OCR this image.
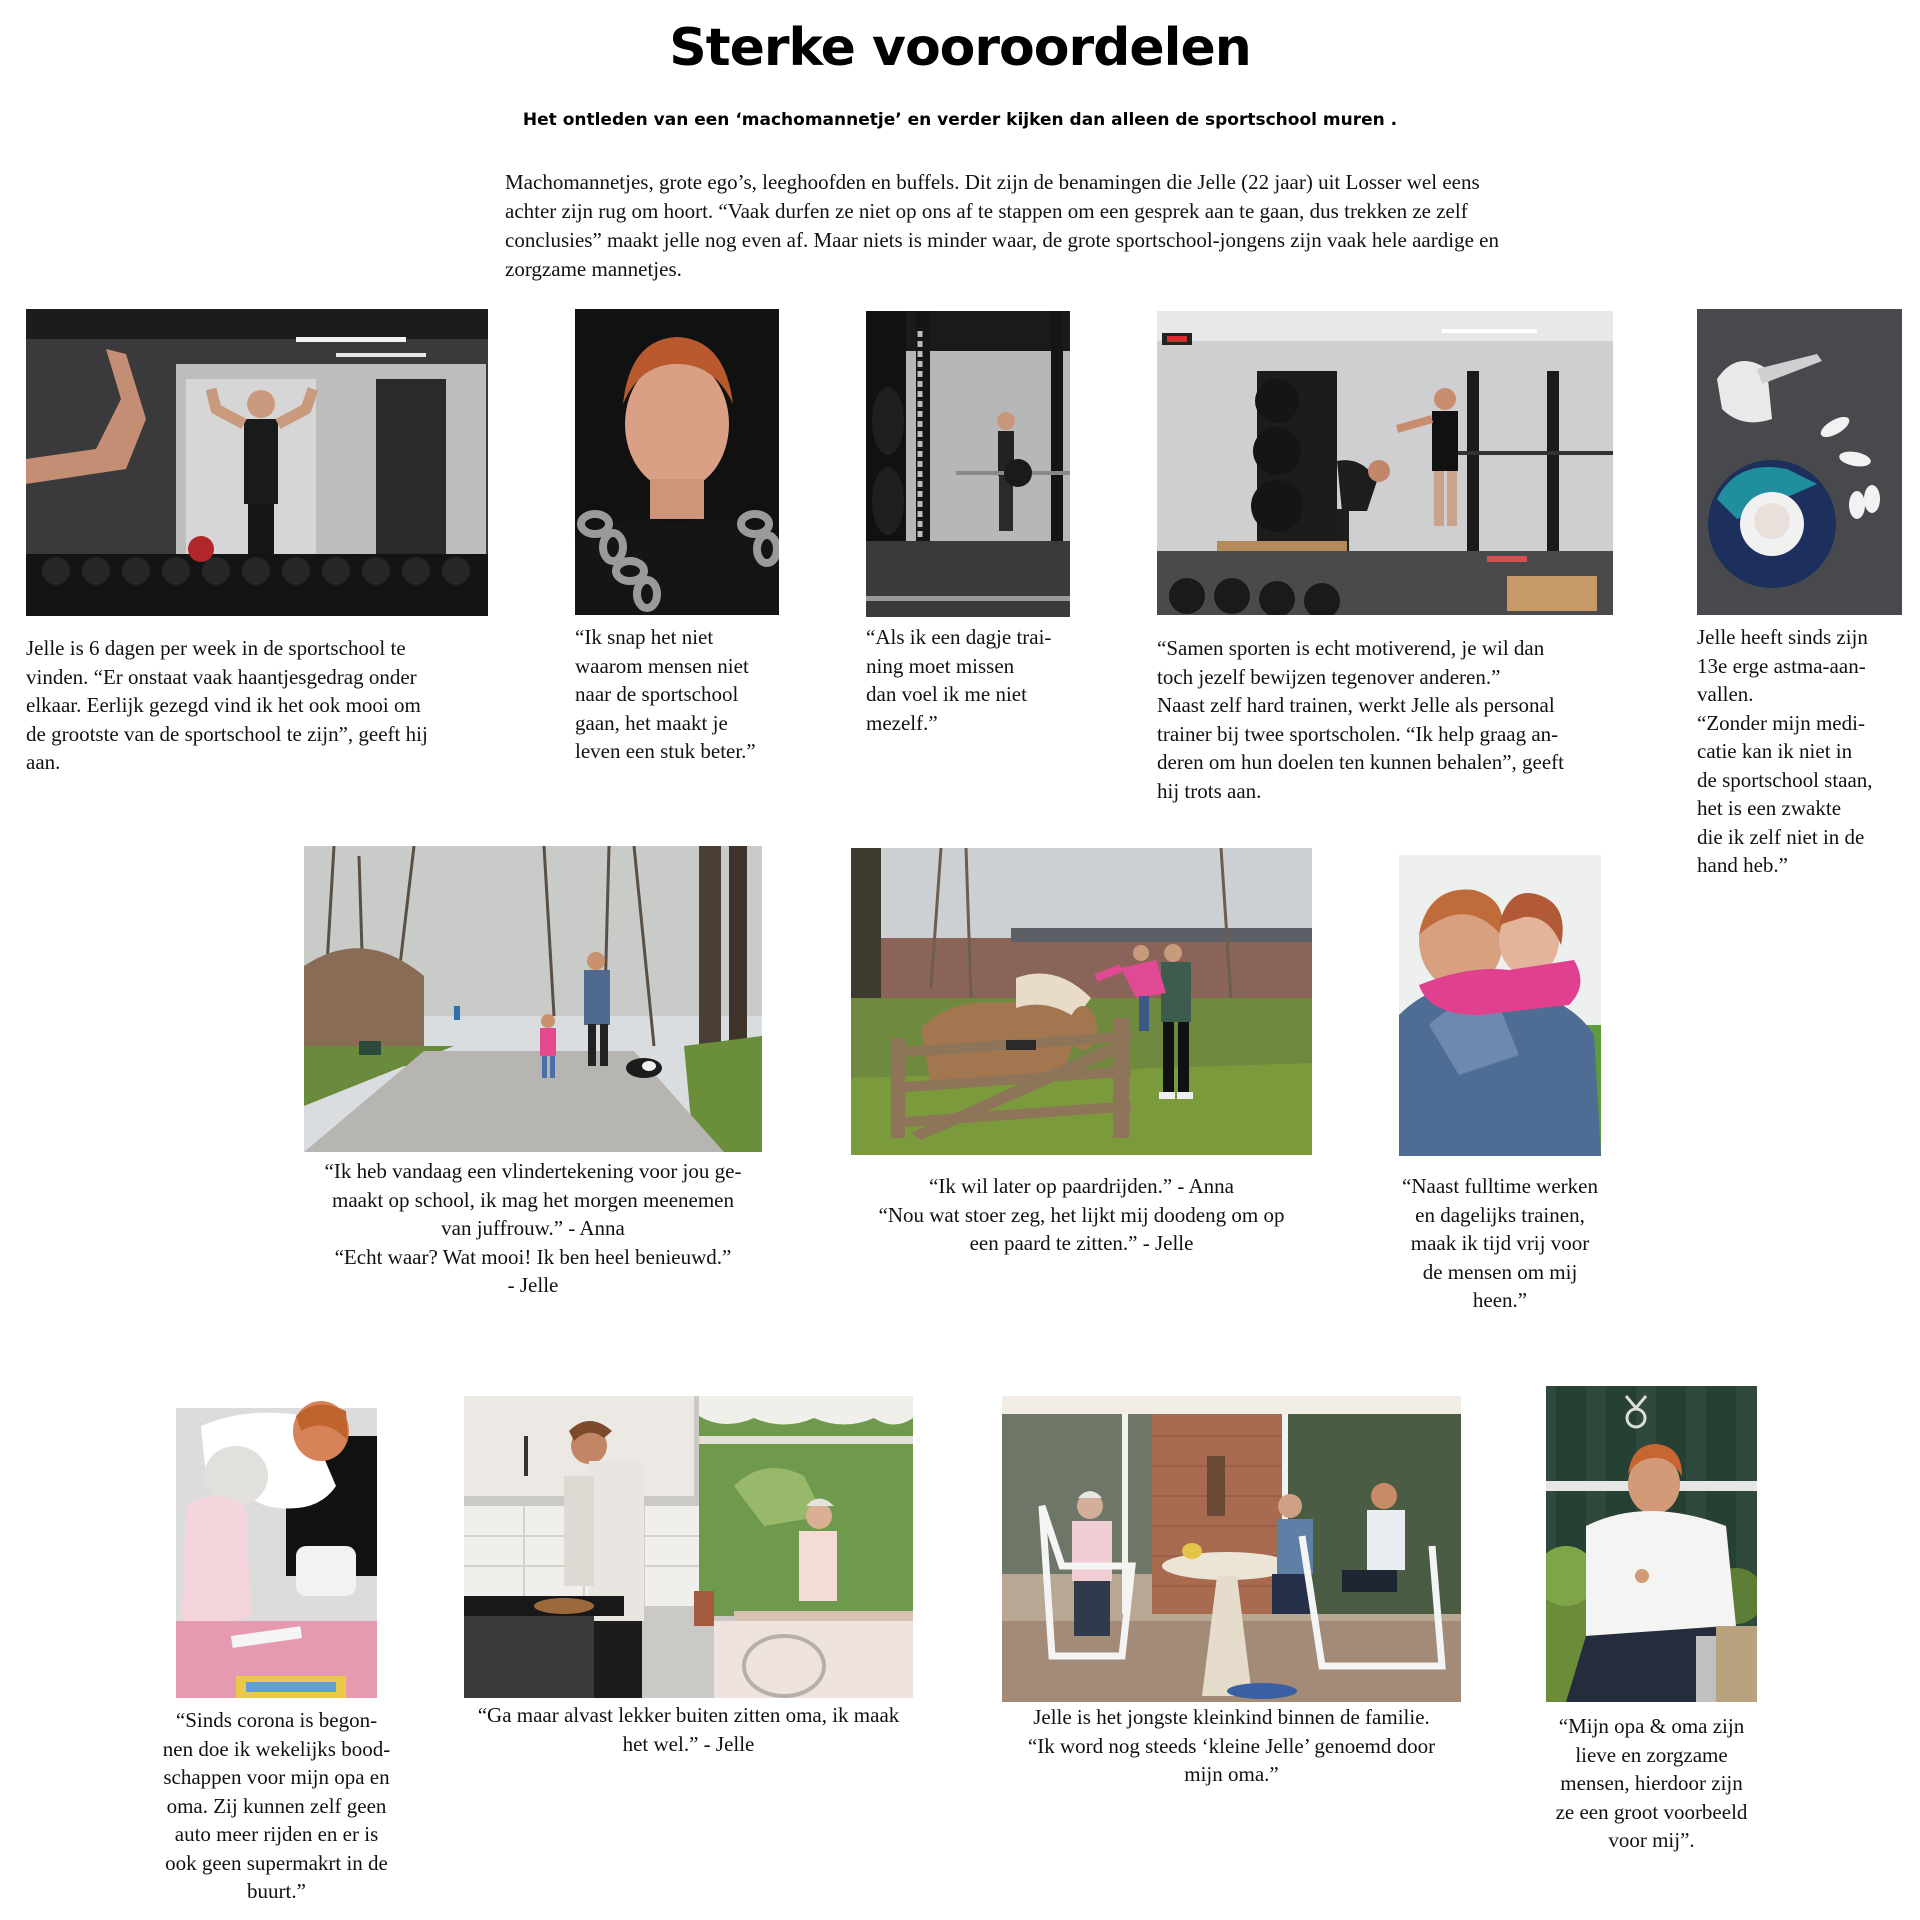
Sterke vooroordelen
Het ontleden van een ‘machomannetje’ en verder kijken dan alleen de sportschool muren .

Machomannetjes, grote ego’s, leeghoofden en buffels. Dit zijn de benamingen die Jelle (22 jaar) uit Losser wel eens achter zijn rug om hoort. “Vaak durfen ze niet op ons af te stappen om een gesprek aan te gaan, dus trekken ze zelf conclusies” maakt jelle nog even af. Maar niets is minder waar, de grote sportschool-jongens zijn vaak hele aardige en zorgzame mannetjes.

Jelle is 6 dagen per week in de sportschool te
vinden. “Er onstaat vaak haantjesgedrag onder
elkaar. Eerlijk gezegd vind ik het ook mooi om
de grootste van de sportschool te zijn”, geeft hij
aan.
“Ik snap het niet
waarom mensen niet
naar de sportschool
gaan, het maakt je
leven een stuk beter.”
“Als ik een dagje trai-
ning moet missen
dan voel ik me niet
mezelf.”
“Samen sporten is echt motiverend, je wil dan
toch jezelf bewijzen tegenover anderen.”
Naast zelf hard trainen, werkt Jelle als personal
trainer bij twee sportscholen. “Ik help graag an-
deren om hun doelen ten kunnen behalen”, geeft
hij trots aan.
Jelle heeft sinds zijn
13e erge astma-aan-
vallen.
“Zonder mijn medi-
catie kan ik niet in
de sportschool staan,
het is een zwakte
die ik zelf niet in de
hand heb.”
“Ik heb vandaag een vlindertekening voor jou ge-
maakt op school, ik mag het morgen meenemen
van juffrouw.” - Anna
“Echt waar? Wat mooi! Ik ben heel benieuwd.”
- Jelle
“Ik wil later op paardrijden.” - Anna
“Nou wat stoer zeg, het lijkt mij doodeng om op
een paard te zitten.” - Jelle
“Naast fulltime werken
en dagelijks trainen,
maak ik tijd vrij voor
de mensen om mij
heen.”
“Sinds corona is begon-
nen doe ik wekelijks bood-
schappen voor mijn opa en
oma. Zij kunnen zelf geen
auto meer rijden en er is
ook geen supermakrt in de
buurt.”
“Ga maar alvast lekker buiten zitten oma, ik maak
het wel.” - Jelle
Jelle is het jongste kleinkind binnen de familie.
“Ik word nog steeds ‘kleine Jelle’ genoemd door
mijn oma.”
“Mijn opa & oma zijn
lieve en zorgzame
mensen, hierdoor zijn
ze een groot voorbeeld
voor mij”.
